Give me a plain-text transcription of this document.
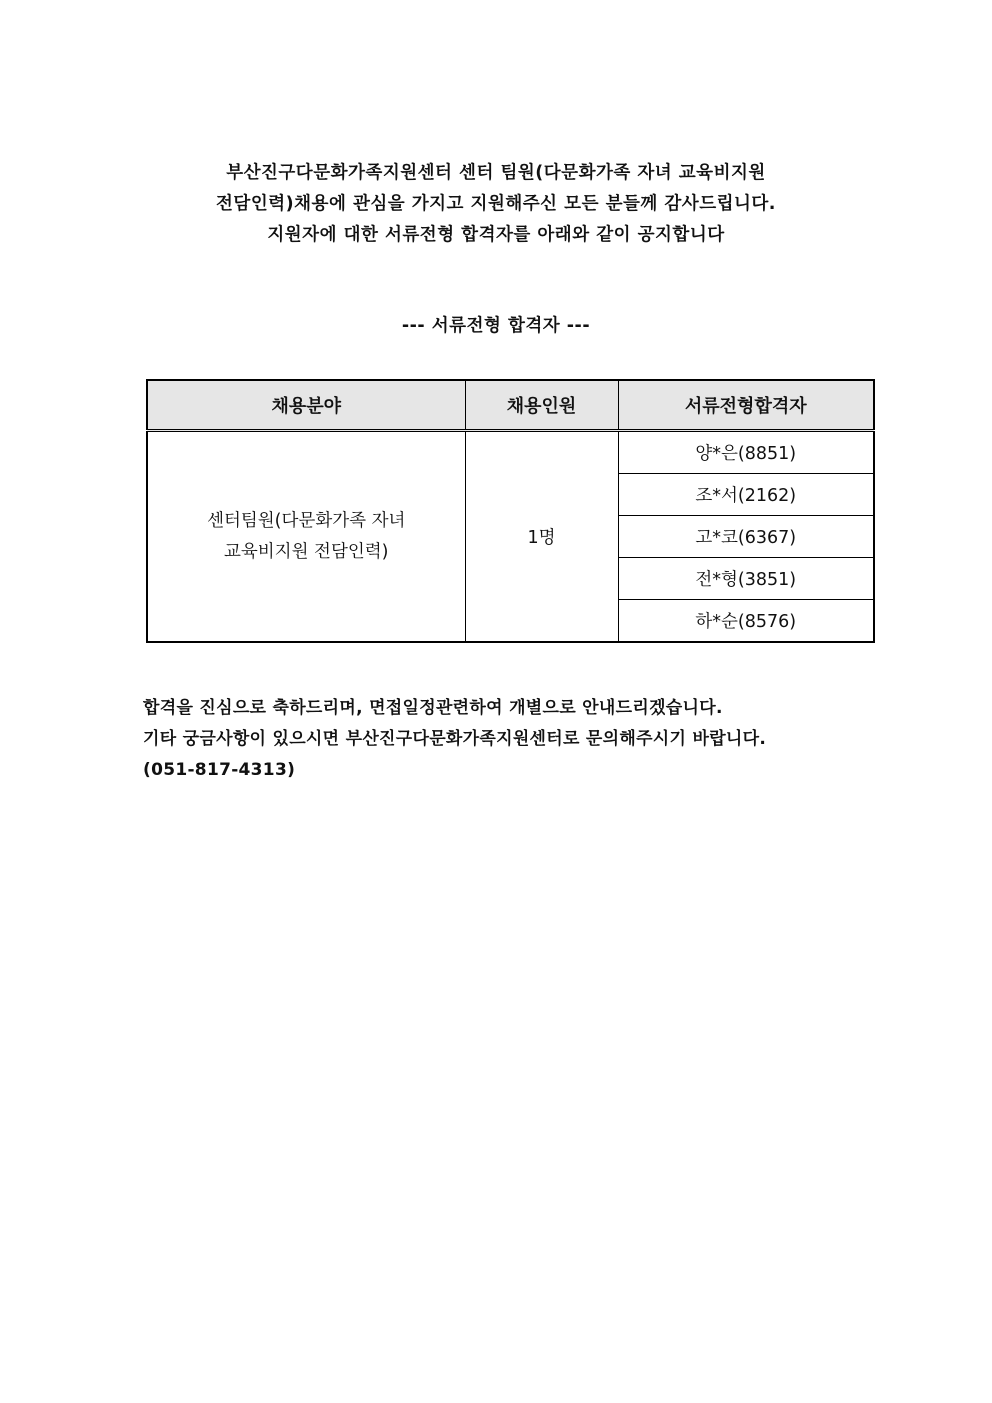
부산진구다문화가족지원센터 센터 팀원(다문화가족 자녀 교육비지원

전담인력)채용에 관심을 가지고 지원해주신 모든 분들께 감사드립니다.

지원자에 대한 서류전형 합격자를 아래와 같이 공지합니다

--- 서류전형 합격자 ---
채용분야	채용인원	서류전형합격자

센터팀원(다문화가족 자녀
교육비지원 전담인력)	1명	양*은(8851)
		조*서(2162)
		고*코(6367)
		전*형(3851)
		하*순(8576)

합격을 진심으로 축하드리며, 면접일정관련하여 개별으로 안내드리겠습니다.

기타 궁금사항이 있으시면 부산진구다문화가족지원센터로 문의해주시기 바랍니다.

(051-817-4313)
